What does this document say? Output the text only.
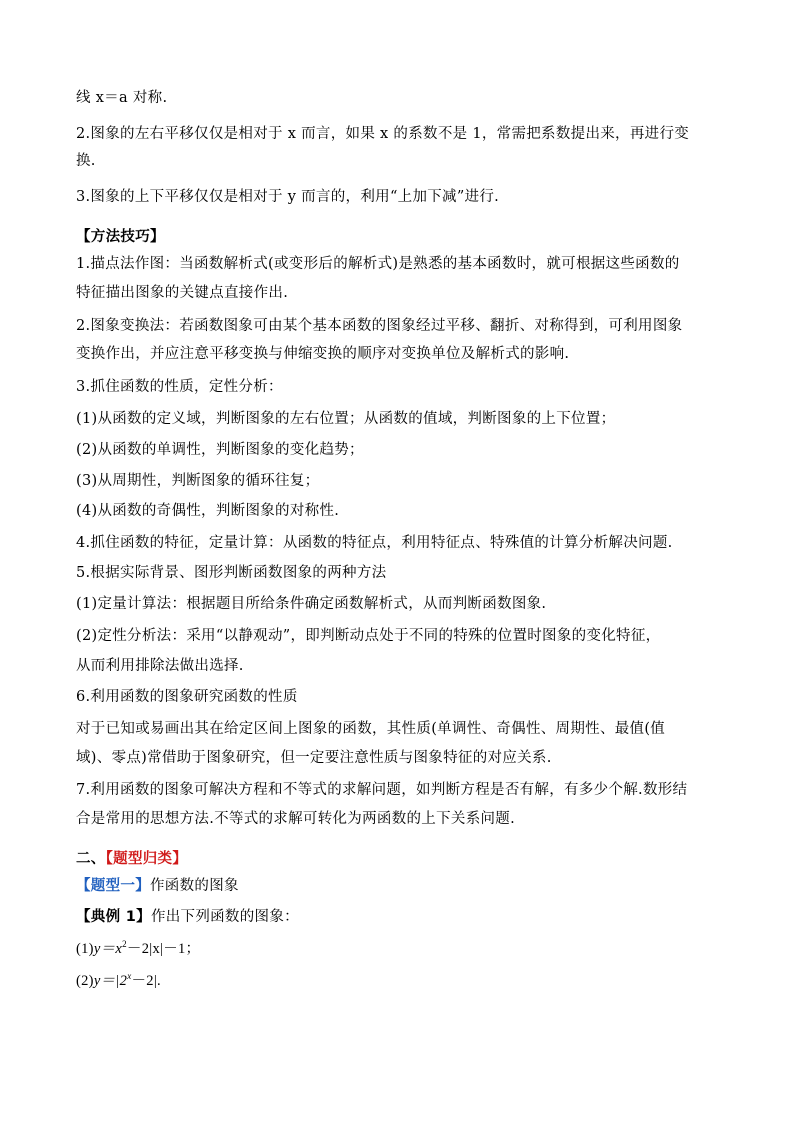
线 x＝a 对称.
2.图象的左右平移仅仅是相对于 x 而言，如果 x 的系数不是 1，常需把系数提出来，再进行变
换.
3.图象的上下平移仅仅是相对于 y 而言的，利用“上加下减”进行.
【方法技巧】
1.描点法作图：当函数解析式(或变形后的解析式)是熟悉的基本函数时，就可根据这些函数的
特征描出图象的关键点直接作出.
2.图象变换法：若函数图象可由某个基本函数的图象经过平移、翻折、对称得到，可利用图象
变换作出，并应注意平移变换与伸缩变换的顺序对变换单位及解析式的影响.
3.抓住函数的性质，定性分析：
(1)从函数的定义域，判断图象的左右位置；从函数的值域，判断图象的上下位置；
(2)从函数的单调性，判断图象的变化趋势；
(3)从周期性，判断图象的循环往复；
(4)从函数的奇偶性，判断图象的对称性.
4.抓住函数的特征，定量计算：从函数的特征点，利用特征点、特殊值的计算分析解决问题.
5.根据实际背景、图形判断函数图象的两种方法
(1)定量计算法：根据题目所给条件确定函数解析式，从而判断函数图象.
(2)定性分析法：采用“以静观动”，即判断动点处于不同的特殊的位置时图象的变化特征，
从而利用排除法做出选择.
6.利用函数的图象研究函数的性质
对于已知或易画出其在给定区间上图象的函数，其性质(单调性、奇偶性、周期性、最值(值
域)、零点)常借助于图象研究，但一定要注意性质与图象特征的对应关系.
7.利用函数的图象可解决方程和不等式的求解问题，如判断方程是否有解，有多少个解.数形结
合是常用的思想方法.不等式的求解可转化为两函数的上下关系问题.
二、【题型归类】
【题型一】作函数的图象
【典例 1】作出下列函数的图象：
$(1)y=x^2-2|x|-1$；
$(2)y=|2^x-2|$.
